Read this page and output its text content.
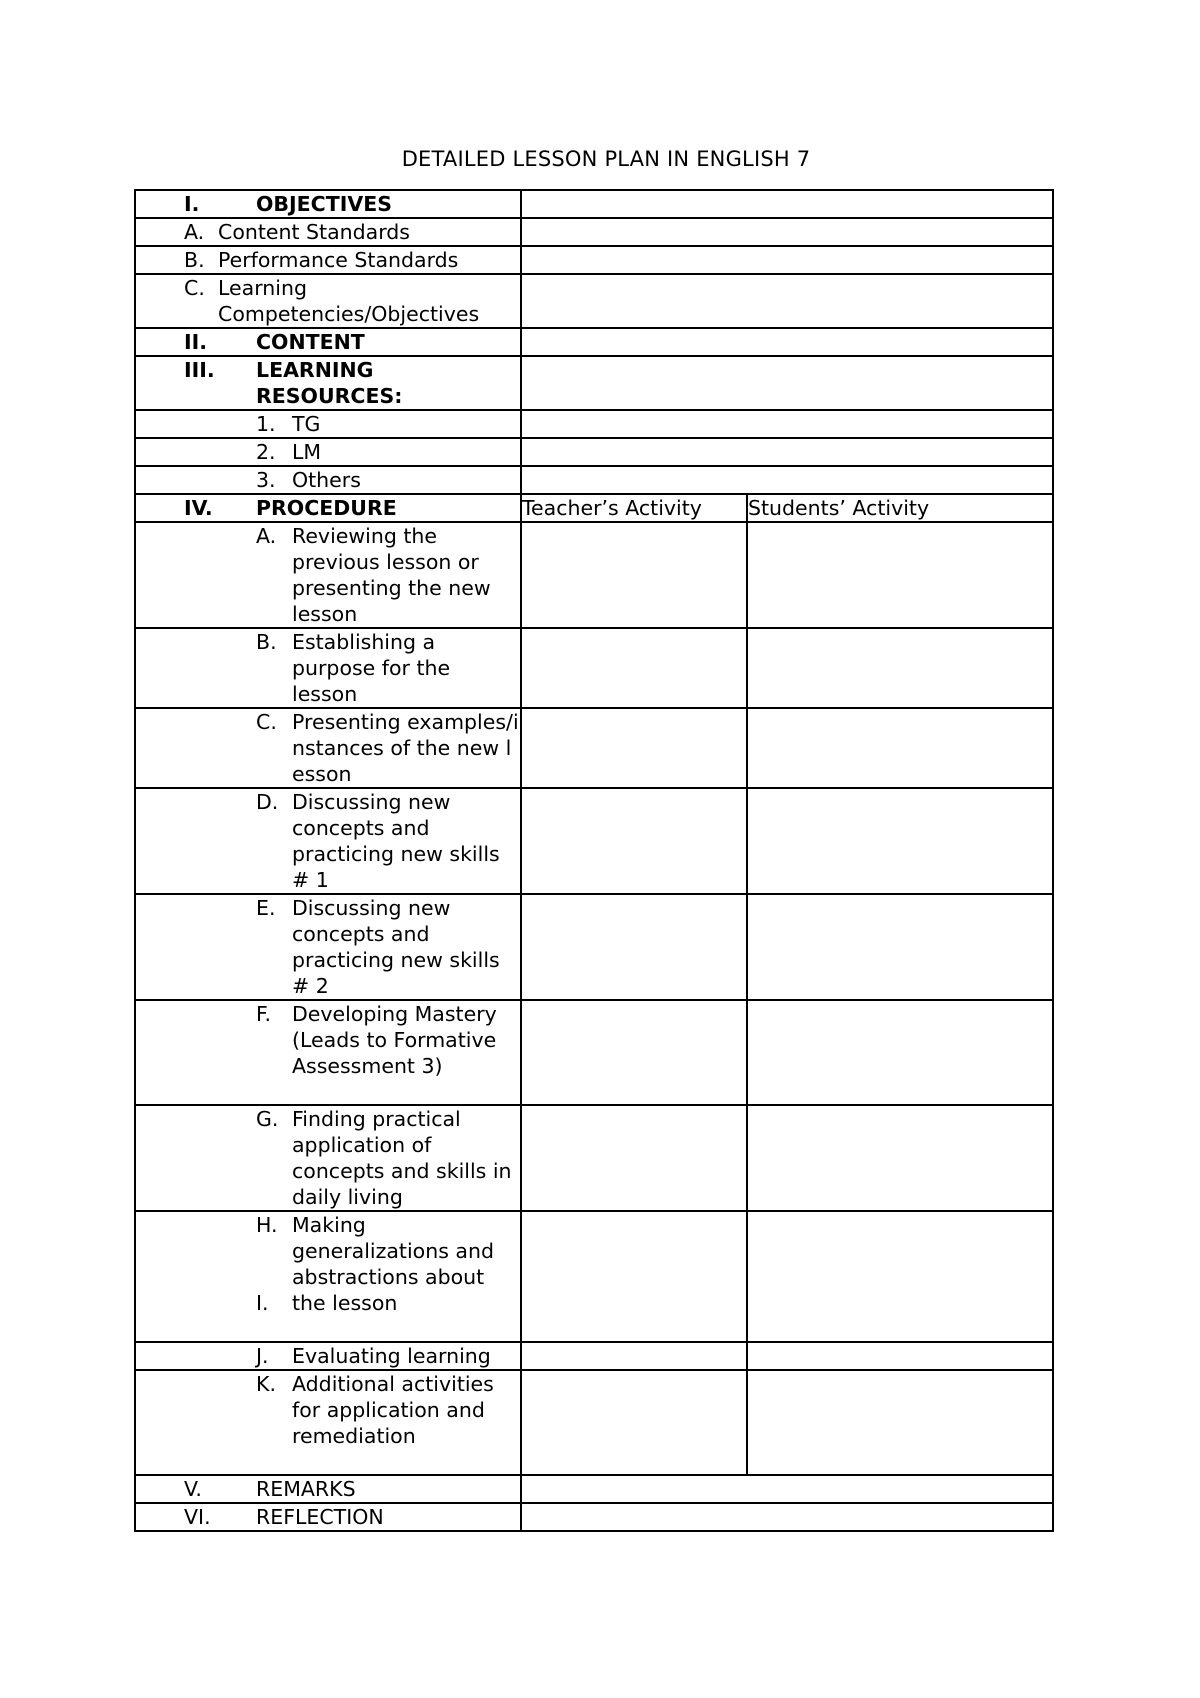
DETAILED LESSON PLAN IN ENGLISH 7
I. OBJECTIVES		

A. Content Standards		

B. Performance Standards		

C. Learning Competencies/Objectives		

II. CONTENT		

III. LEARNING RESOURCES:		

1. TG		

2. LM		

3. Others		

IV. PROCEDURE	Teacher’s Activity	Students’ Activity

A. Reviewing the previous lesson or presenting the new lesson		

B. Establishing a purpose for the lesson		

C. Presenting examples/instances of the new lesson		

D. Discussing new concepts and practicing new skills # 1		

E. Discussing new concepts and practicing new skills # 2		

F. Developing Mastery (Leads to Formative Assessment 3)		

G. Finding practical application of concepts and skills in daily living		

H. Making generalizations and abstractions about
I. the lesson		

J. Evaluating learning		

K. Additional activities for application and remediation		

V. REMARKS		

VI. REFLECTION		
